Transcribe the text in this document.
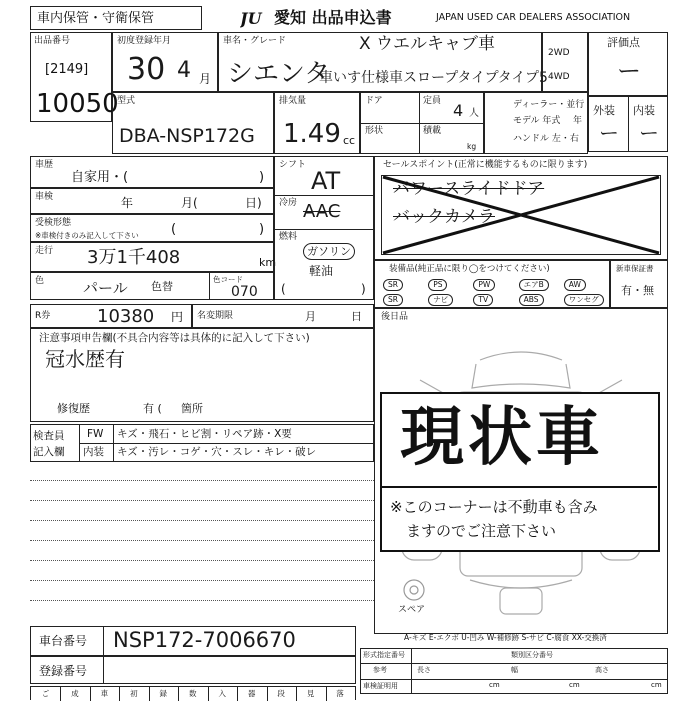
車内保管・守衛保管	JU 愛知 出品申込書	JAPAN USED CAR DEALERS ASSOCIATION
出品番号
[2149]
10050
初度登録年月
30 4 月
車名・グレード	X ウエルキャブ車
シエンタ
車いす仕様車スロープタイプタイプ5
2WD
4WD
評価点
ー
外装 内装
ー ー
型式
DBA-NSP172G
排気量
1.49 cc
ドア	定員 4 人
形状	積載
kg
ディーラー・並行
モデル 年式 年
ハンドル 左・右
車歴
自家用・(	)
車検	年	月(	日)
受検形態
※車検付きのみ記入して下さい (	)
走行 3万1千408	km
色	パール 色替
色コード
070
シフト
AT
冷房 AAC
燃料
ガソリン
軽油
(	)
セールスポイント(正常に機能するものに限ります)
パワースライドドア
バックカメラ
装備品(純正品に限り◯をつけてください)
SR	PS	PW	エアB	AW
SR	ナビ	TV	ABS	ワンセグ
新車保証書
有・無
R券	10380 円 名変期限	月	日 後日品
スペア
現状車
※このコーナーは不動車も含み
ますのでご注意下さい
注意事項申告欄(不具合内容等は具体的に記入して下さい)
冠水歴有
修復歴	有 ( 箇所
検査員
記入欄
FW キズ・飛石・ヒビ割・リペア跡・X要
内装 キズ・汚レ・コゲ・穴・スレ・キレ・破レ
A-キズ E-エクボ U-凹み W-補修跡 S-サビ C-腐食 XX-交換済
車台番号 NSP172-7006670
登録番号
形式指定番号
参考
車検証明用
類別区分番号
長さ	幅	高さ
cm	cm	cm
ご	成	車	初	録	数	入	器	段	見	落
